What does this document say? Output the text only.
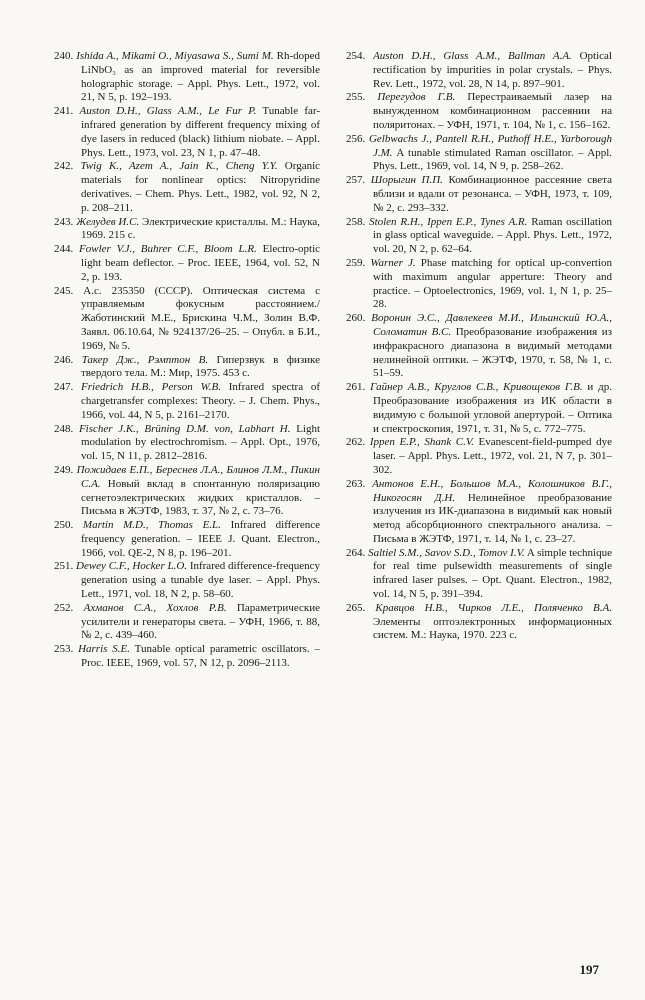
240. Ishida A., Mikami O., Miyasawa S., Sumi M. Rh-doped LiNbO₃ as an improved material for reversible holographic storage. – Appl. Phys. Lett., 1972, vol. 21, N 5, p. 192–193.
241. Auston D.H., Glass A.M., Le Fur P. Tunable far-infrared generation by different frequency mixing of dye lasers in reduced (black) lithium niobate. – Appl. Phys. Lett., 1973, vol. 23, N 1, p. 47–48.
242. Twig K., Azem A., Jain K., Cheng Y.Y. Organic materials for nonlinear optics: Nitropyridine derivatives. – Chem. Phys. Lett., 1982, vol. 92, N 2, p. 208–211.
243. Желудев И.С. Электрические кристаллы. М.: Наука, 1969. 215 с.
244. Fowler V.J., Buhrer C.F., Bloom L.R. Electro-optic light beam deflector. – Proc. IEEE, 1964, vol. 52, N 2, p. 193.
245. А.с. 235350 (СССР). Оптическая система с управляемым фокусным расстоянием./Жаботинский М.Е., Брискина Ч.М., Золин В.Ф. Заявл. 06.10.64, № 924137/26–25. – Опубл. в Б.И., 1969, № 5.
246. Такер Дж., Рэмптон В. Гиперзвук в физике твердого тела. М.: Мир, 1975. 453 с.
247. Friedrich H.B., Person W.B. Infrared spectra of chargetransfer complexes: Theory. – J. Chem. Phys., 1966, vol. 44, N 5, p. 2161–2170.
248. Fischer J.K., Brüning D.M. von, Labhart H. Light modulation by electrochromism. – Appl. Opt., 1976, vol. 15, N 11, p. 2812–2816.
249. Пожидаев Е.П., Береснев Л.А., Блинов Л.М., Пикин С.А. Новый вклад в спонтанную поляризацию сегнетоэлектрических жидких кристаллов. – Письма в ЖЭТФ, 1983, т. 37, № 2, с. 73–76.
250. Martin M.D., Thomas E.L. Infrared difference frequency generation. – IEEE J. Quant. Electron., 1966, vol. QE-2, N 8, p. 196–201.
251. Dewey C.F., Hocker L.O. Infrared difference-frequency generation using a tunable dye laser. – Appl. Phys. Lett., 1971, vol. 18, N 2, p. 58–60.
252. Ахманов С.А., Хохлов Р.В. Параметрические усилители и генераторы света. – УФН, 1966, т. 88, № 2, с. 439–460.
253. Harris S.E. Tunable optical parametric oscillators. – Proc. IEEE, 1969, vol. 57, N 12, p. 2096–2113.
254. Auston D.H., Glass A.M., Ballman A.A. Optical rectification by impurities in polar crystals. – Phys. Rev. Lett., 1972, vol. 28, N 14, p. 897–901.
255. Перегудов Г.В. Перестраиваемый лазер на вынужденном комбинационном рассеянии на поляритонах. – УФН, 1971, т. 104, № 1, с. 156–162.
256. Gelbwachs J., Pantell R.H., Puthoff H.E., Yarborough J.M. A tunable stimulated Raman oscillator. – Appl. Phys. Lett., 1969, vol. 14, N 9, p. 258–262.
257. Шорыгин П.П. Комбинационное рассеяние света вблизи и вдали от резонанса. – УФН, 1973, т. 109, № 2, с. 293–332.
258. Stolen R.H., Ippen E.P., Tynes A.R. Raman oscillation in glass optical waveguide. – Appl. Phys. Lett., 1972, vol. 20, N 2, p. 62–64.
259. Warner J. Phase matching for optical up-convertion with maximum angular apperture: Theory and practice. – Optoelectronics, 1969, vol. 1, N 1, p. 25–28.
260. Воронин Э.С., Давлекеев М.И., Ильинский Ю.А., Соломатин В.С. Преобразование изображения из инфракрасного диапазона в видимый методами нелинейной оптики. – ЖЭТФ, 1970, т. 58, № 1, с. 51–59.
261. Гайнер А.В., Круглов С.В., Кривощеков Г.В. и др. Преобразование изображения из ИК области в видимую с большой угловой апертурой. – Оптика и спектроскопия, 1971, т. 31, № 5, с. 772–775.
262. Ippen E.P., Shank C.V. Evanescent-field-pumped dye laser. – Appl. Phys. Lett., 1972, vol. 21, N 7, p. 301–302.
263. Антонов Е.Н., Большов М.А., Колошников В.Г., Никогосян Д.Н. Нелинейное преобразование излучения из ИК-диапазона в видимый как новый метод абсорбционного спектрального анализа. – Письма в ЖЭТФ, 1971, т. 14, № 1, с. 23–27.
264. Saltiel S.M., Savov S.D., Tomov I.V. A simple technique for real time pulsewidth measurements of single infrared laser pulses. – Opt. Quant. Electron., 1982, vol. 14, N 5, p. 391–394.
265. Кравцов Н.В., Чирков Л.Е., Поляченко В.А. Элементы оптоэлектронных информационных систем. М.: Наука, 1970. 223 с.
197
